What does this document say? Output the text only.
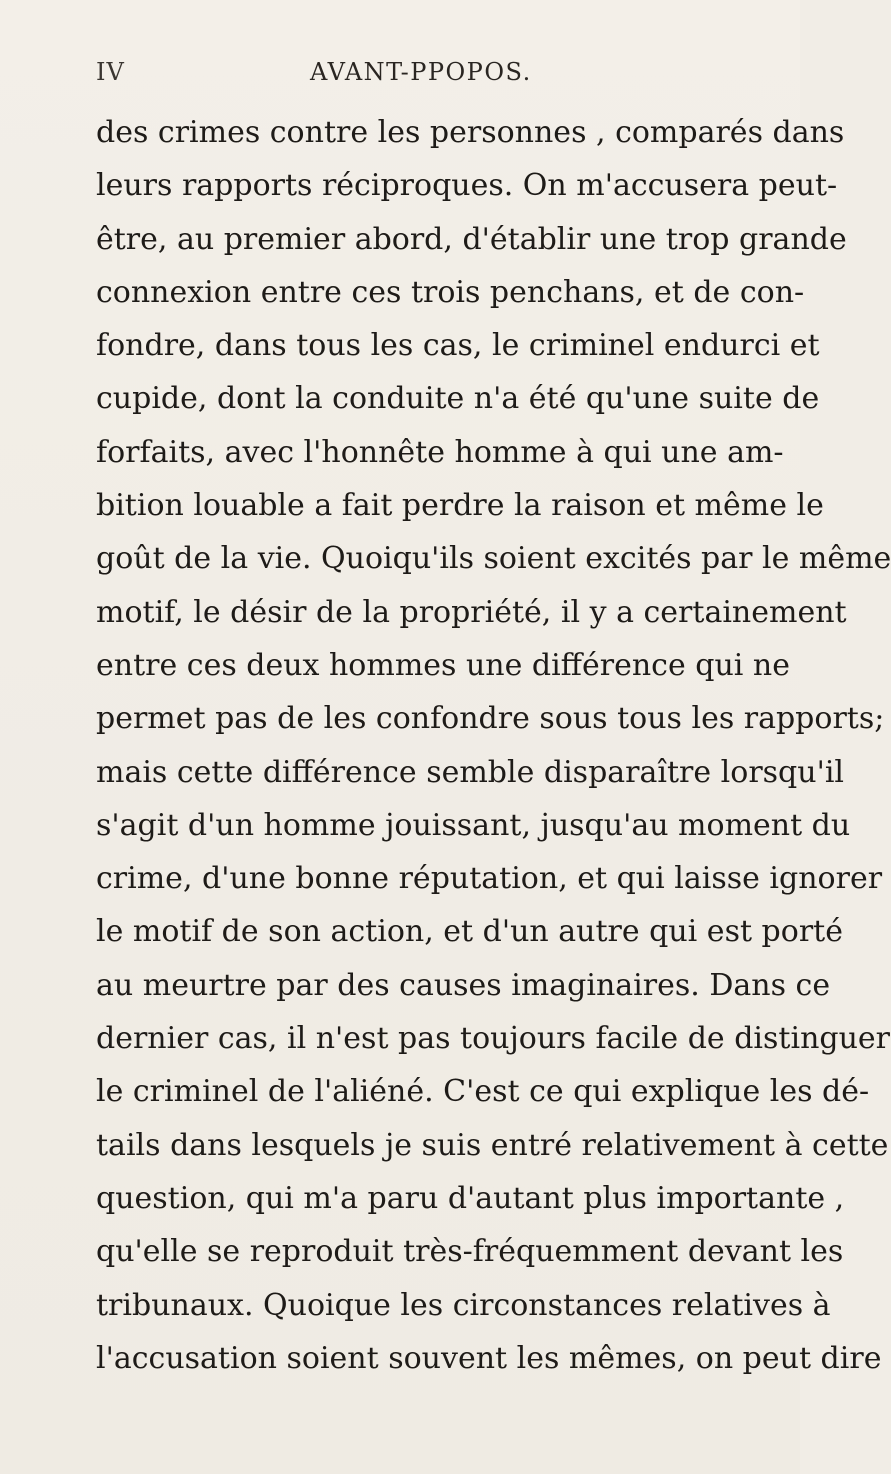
IV	AVANT-PPOPOS.
des crimes contre les personnes , comparés dans
leurs rapports réciproques. On m'accusera peut-
être, au premier abord, d'établir une trop grande
connexion entre ces trois penchans, et de con-
fondre, dans tous les cas, le criminel endurci et
cupide, dont la conduite n'a été qu'une suite de
forfaits, avec l'honnête homme à qui une am-
bition louable a fait perdre la raison et même le
goût de la vie. Quoiqu'ils soient excités par le même
motif, le désir de la propriété, il y a certainement
entre ces deux hommes une différence qui ne
permet pas de les confondre sous tous les rapports;
mais cette différence semble disparaître lorsqu'il
s'agit d'un homme jouissant, jusqu'au moment du
crime, d'une bonne réputation, et qui laisse ignorer
le motif de son action, et d'un autre qui est porté
au meurtre par des causes imaginaires. Dans ce
dernier cas, il n'est pas toujours facile de distinguer
le criminel de l'aliéné. C'est ce qui explique les dé-
tails dans lesquels je suis entré relativement à cette
question, qui m'a paru d'autant plus importante ,
qu'elle se reproduit très-fréquemment devant les
tribunaux. Quoique les circonstances relatives à
l'accusation soient souvent les mêmes, on peut dire
